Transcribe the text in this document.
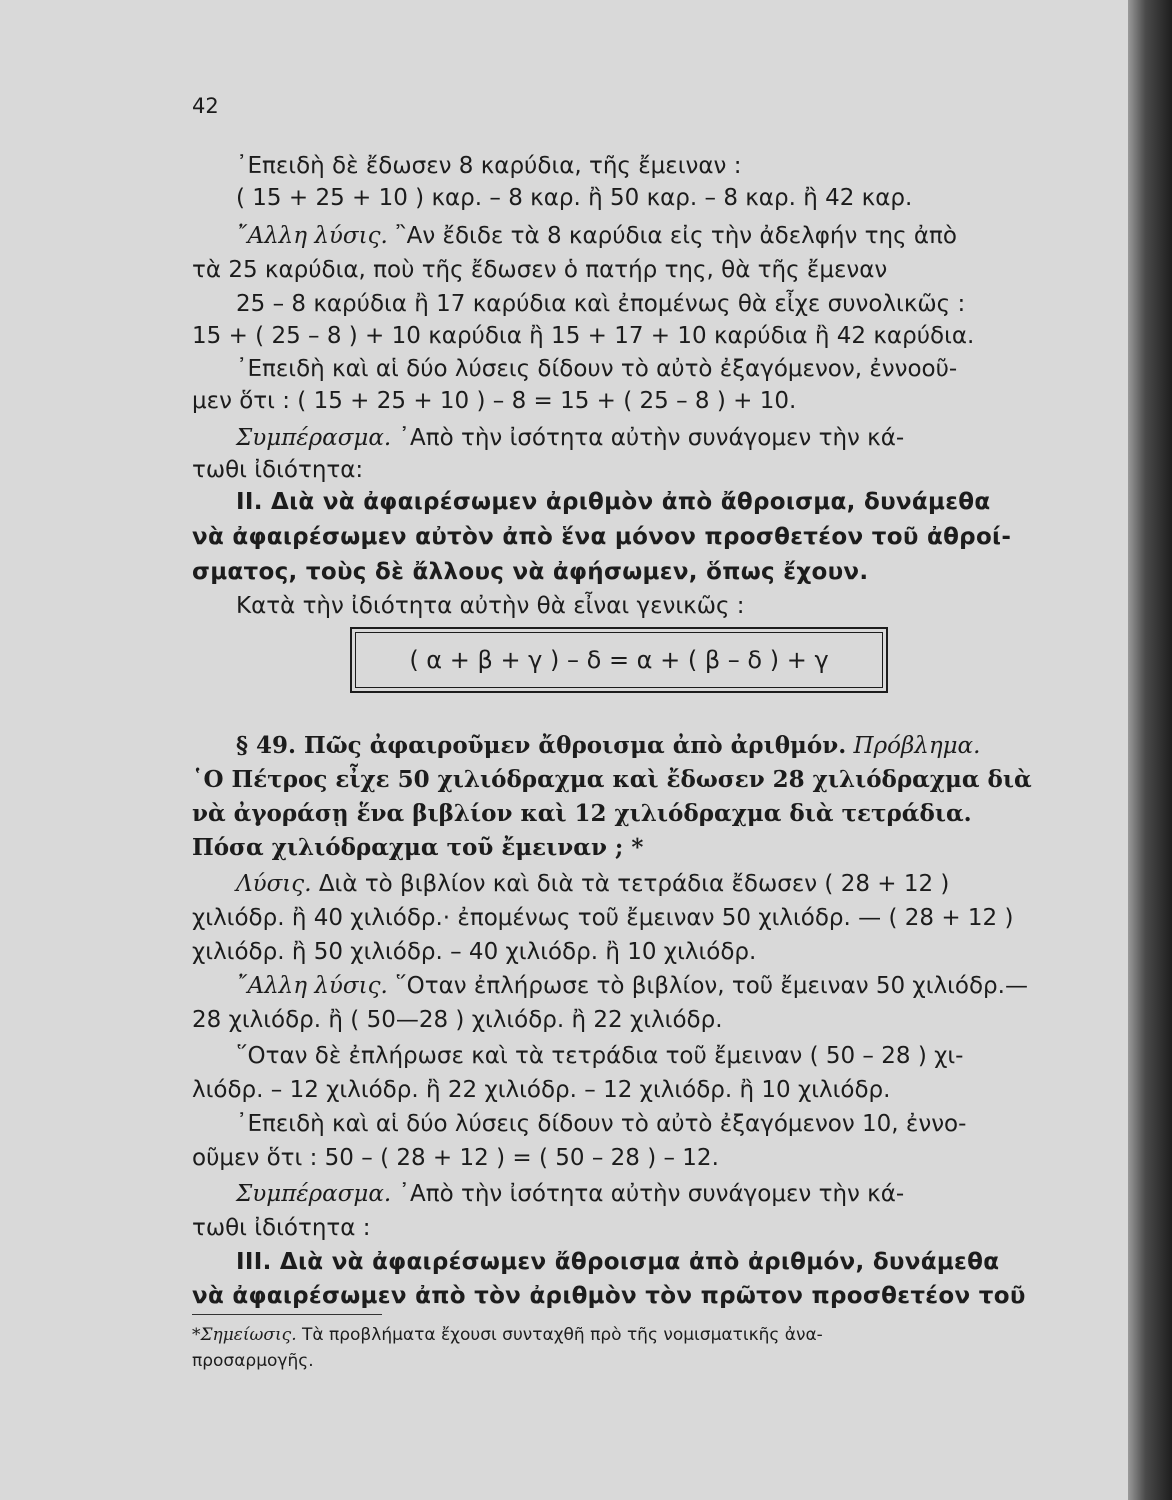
42
᾿Επειδὴ δὲ ἔδωσεν 8 καρύδια, τῆς ἔμειναν :
( 15 + 25 + 10 ) καρ. – 8 καρ. ἢ 50 καρ. – 8 καρ. ἢ 42 καρ.
῎Αλλη λύσις. ῍Αν ἔδιδε τὰ 8 καρύδια εἰς τὴν ἀδελφήν της ἀπὸ
τὰ 25 καρύδια, ποὺ τῆς ἔδωσεν ὁ πατήρ της, θὰ τῆς ἔμεναν
25 – 8 καρύδια ἢ 17 καρύδια καὶ ἐπομένως θὰ εἶχε συνολικῶς :
15 + ( 25 – 8 ) + 10 καρύδια ἢ 15 + 17 + 10 καρύδια ἢ 42 καρύδια.
᾿Επειδὴ καὶ αἱ δύο λύσεις δίδουν τὸ αὐτὸ ἐξαγόμενον, ἐννοοῦ-
μεν ὅτι : ( 15 + 25 + 10 ) – 8 = 15 + ( 25 – 8 ) + 10.
Συμπέρασμα. ᾿Απὸ τὴν ἰσότητα αὐτὴν συνάγομεν τὴν κά-
τωθι ἰδιότητα:
II. Διὰ νὰ ἀφαιρέσωμεν ἀριθμὸν ἀπὸ ἄθροισμα, δυνάμεθα
νὰ ἀφαιρέσωμεν αὐτὸν ἀπὸ ἕνα μόνον προσθετέον τοῦ ἀθροί-
σματος, τοὺς δὲ ἄλλους νὰ ἀφήσωμεν, ὅπως ἔχουν.
Κατὰ τὴν ἰδιότητα αὐτὴν θὰ εἶναι γενικῶς :
( α + β + γ ) – δ = α + ( β – δ ) + γ
§ 49. Πῶς ἀφαιροῦμεν ἄθροισμα ἀπὸ ἀριθμόν. Πρόβλημα.
῾Ο Πέτρος εἶχε 50 χιλιόδραχμα καὶ ἔδωσεν 28 χιλιόδραχμα διὰ
νὰ ἀγοράσῃ ἕνα βιβλίον καὶ 12 χιλιόδραχμα διὰ τετράδια.
Πόσα χιλιόδραχμα τοῦ ἔμειναν ; *
Λύσις. Διὰ τὸ βιβλίον καὶ διὰ τὰ τετράδια ἔδωσεν ( 28 + 12 )
χιλιόδρ. ἢ 40 χιλιόδρ.· ἐπομένως τοῦ ἔμειναν 50 χιλιόδρ. — ( 28 + 12 )
χιλιόδρ. ἢ 50 χιλιόδρ. – 40 χιλιόδρ. ἢ 10 χιλιόδρ.
῎Αλλη λύσις. ῞Οταν ἐπλήρωσε τὸ βιβλίον, τοῦ ἔμειναν 50 χιλιόδρ.—
28 χιλιόδρ. ἢ ( 50—28 ) χιλιόδρ. ἢ 22 χιλιόδρ.
῞Οταν δὲ ἐπλήρωσε καὶ τὰ τετράδια τοῦ ἔμειναν ( 50 – 28 ) χι-
λιόδρ. – 12 χιλιόδρ. ἢ 22 χιλιόδρ. – 12 χιλιόδρ. ἢ 10 χιλιόδρ.
᾿Επειδὴ καὶ αἱ δύο λύσεις δίδουν τὸ αὐτὸ ἐξαγόμενον 10, ἐννο-
οῦμεν ὅτι : 50 – ( 28 + 12 ) = ( 50 – 28 ) – 12.
Συμπέρασμα. ᾿Απὸ τὴν ἰσότητα αὐτὴν συνάγομεν τὴν κά-
τωθι ἰδιότητα :
III. Διὰ νὰ ἀφαιρέσωμεν ἄθροισμα ἀπὸ ἀριθμόν, δυνάμεθα
νὰ ἀφαιρέσωμεν ἀπὸ τὸν ἀριθμὸν τὸν πρῶτον προσθετέον τοῦ
*Σημείωσις. Τὰ προβλήματα ἔχουσι συνταχθῆ πρὸ τῆς νομισματικῆς ἀνα-
προσαρμογῆς.
